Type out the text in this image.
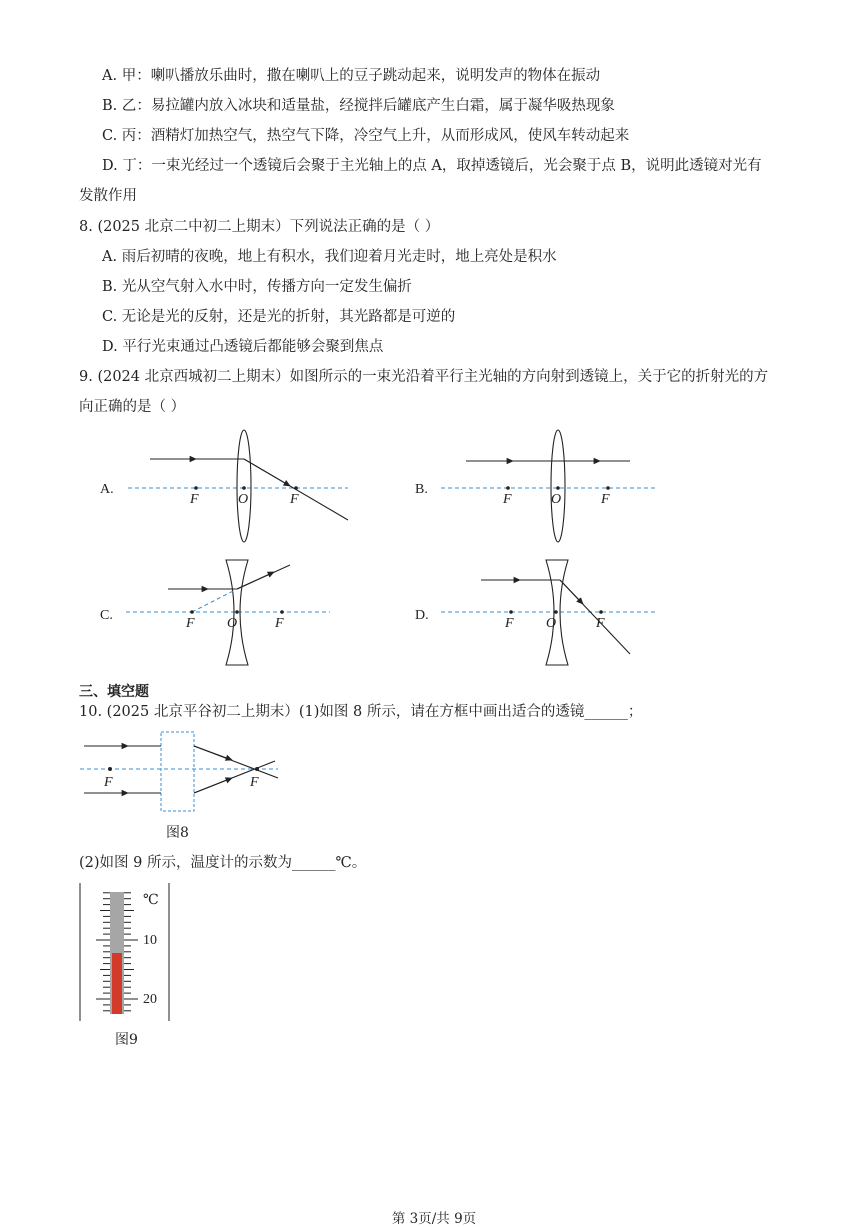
A. 甲：喇叭播放乐曲时，撒在喇叭上的豆子跳动起来，说明发声的物体在振动
B. 乙：易拉罐内放入冰块和适量盐，经搅拌后罐底产生白霜，属于凝华吸热现象
C. 丙：酒精灯加热空气，热空气下降，冷空气上升，从而形成风，使风车转动起来
D. 丁：一束光经过一个透镜后会聚于主光轴上的点 A，取掉透镜后，光会聚于点 B，说明此透镜对光有
发散作用
8. (2025 北京二中初二上期末）下列说法正确的是（ ）
A. 雨后初晴的夜晚，地上有积水，我们迎着月光走时，地上亮处是积水
B. 光从空气射入水中时，传播方向一定发生偏折
C. 无论是光的反射，还是光的折射，其光路都是可逆的
D. 平行光束通过凸透镜后都能够会聚到焦点
9. (2024 北京西城初二上期末）如图所示的一束光沿着平行主光轴的方向射到透镜上，关于它的折射光的方
向正确的是（ ）
A.
F	O	F
B.
F	O	F
C.
F O	F
D.
F O	F
F	F
℃
10
20
三、填空题
10. (2025 北京平谷初二上期末）(1)如图 8 所示，请在方框中画出适合的透镜______；
图8
(2)如图 9 所示，温度计的示数为______℃。
图9
第 3页/共 9页
